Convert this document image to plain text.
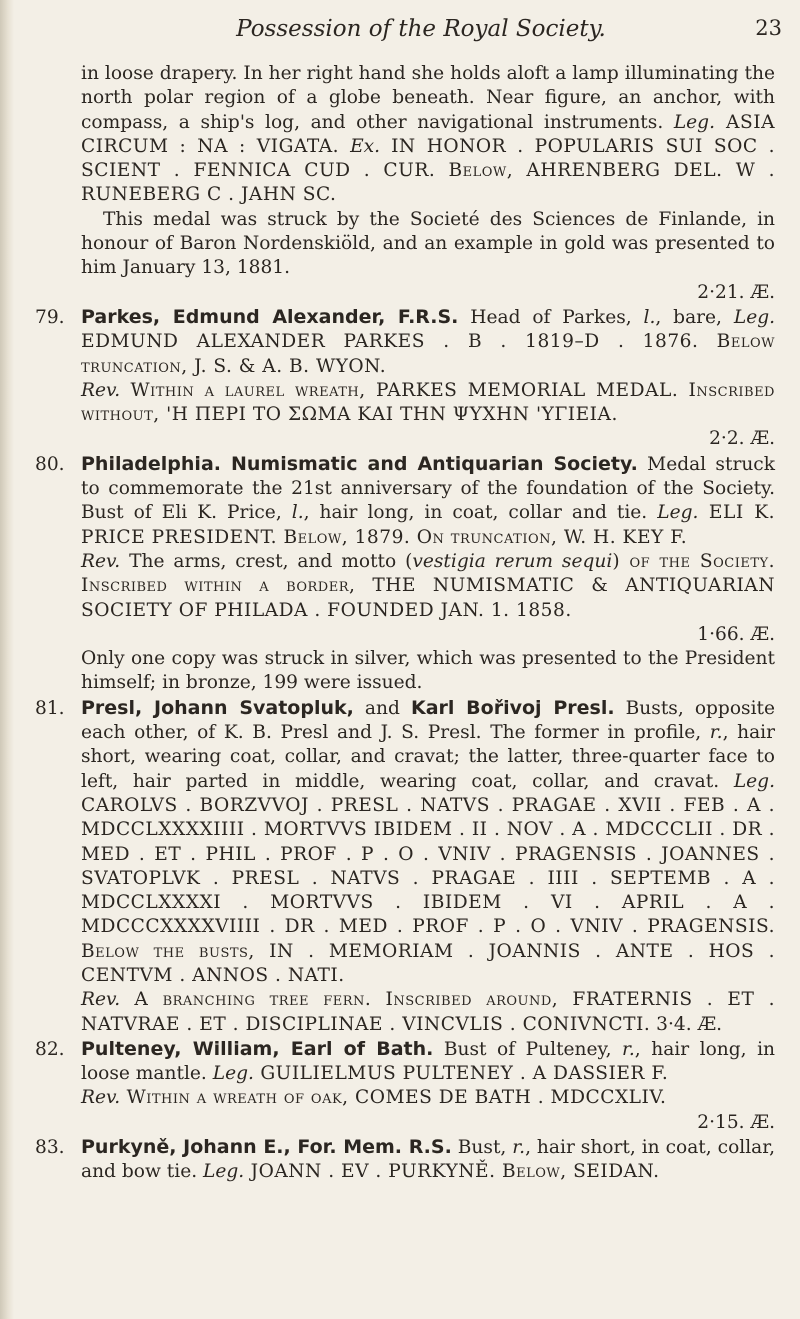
Possession of the Royal Society.	23

in loose drapery. In her right hand she holds aloft a lamp illuminating the north polar region of a globe beneath. Near figure, an anchor, with compass, a ship's log, and other navigational instruments. Leg. ASIA CIRCUM : NA : VIGATA. Ex. IN HONOR . POPULARIS SUI SOC . SCIENT . FENNICA CUD . CUR. Below, AHRENBERG DEL. W . RUNEBERG C . JAHN SC.

This medal was struck by the Societé des Sciences de Finlande, in honour of Baron Nordenskiöld, and an example in gold was presented to him January 13, 1881.

2·21. Æ.

79. Parkes, Edmund Alexander, F.R.S. Head of Parkes, l., bare, Leg. EDMUND ALEXANDER PARKES . B . 1819–D . 1876. Below truncation, J. S. & A. B. WYON.

Rev. Within a laurel wreath, PARKES MEMORIAL MEDAL. Inscribed without, 'Η ΠΕΡΙ ΤΟ ΣΩΜΑ ΚΑΙ ΤΗΝ ΨΥΧΗΝ 'ΥΓΙΕΙΑ.

2·2. Æ.

80. Philadelphia. Numismatic and Antiquarian Society. Medal struck to commemorate the 21st anniversary of the foundation of the Society. Bust of Eli K. Price, l., hair long, in coat, collar and tie. Leg. ELI K. PRICE PRESIDENT. Below, 1879. On truncation, W. H. KEY F.

Rev. The arms, crest, and motto (vestigia rerum sequi) of the Society. Inscribed within a border, THE NUMISMATIC & ANTIQUARIAN SOCIETY OF PHILADA . FOUNDED JAN. 1. 1858.

1·66. Æ.

Only one copy was struck in silver, which was presented to the President himself; in bronze, 199 were issued.

81. Presl, Johann Svatopluk, and Karl Bořivoj Presl. Busts, opposite each other, of K. B. Presl and J. S. Presl. The former in profile, r., hair short, wearing coat, collar, and cravat; the latter, three-quarter face to left, hair parted in middle, wearing coat, collar, and cravat. Leg. CAROLVS . BORZVVOJ . PRESL . NATVS . PRAGAE . XVII . FEB . A . MDCCLXXXXIIII . MORTVVS IBIDEM . II . NOV . A . MDCCCLII . DR . MED . ET . PHIL . PROF . P . O . VNIV . PRAGENSIS . JOANNES . SVATOPLVK . PRESL . NATVS . PRAGAE . IIII . SEPTEMB . A . MDCCLXXXXI . MORTVVS . IBIDEM . VI . APRIL . A . MDCCCXXXXVIIII . DR . MED . PROF . P . O . VNIV . PRAGENSIS. Below the busts, IN . MEMORIAM . JOANNIS . ANTE . HOS . CENTVM . ANNOS . NATI.

Rev. A branching tree fern. Inscribed around, FRATERNIS . ET . NATVRAE . ET . DISCIPLINAE . VINCVLIS . CONIVNCTI. 3·4. Æ.

82. Pulteney, William, Earl of Bath. Bust of Pulteney, r., hair long, in loose mantle. Leg. GUILIELMUS PULTENEY . A DASSIER F.

Rev. Within a wreath of oak, COMES DE BATH . MDCCXLIV.

2·15. Æ.

83. Purkyně, Johann E., For. Mem. R.S. Bust, r., hair short, in coat, collar, and bow tie. Leg. JOANN . EV . PURKYNĚ. Below, SEIDAN.
